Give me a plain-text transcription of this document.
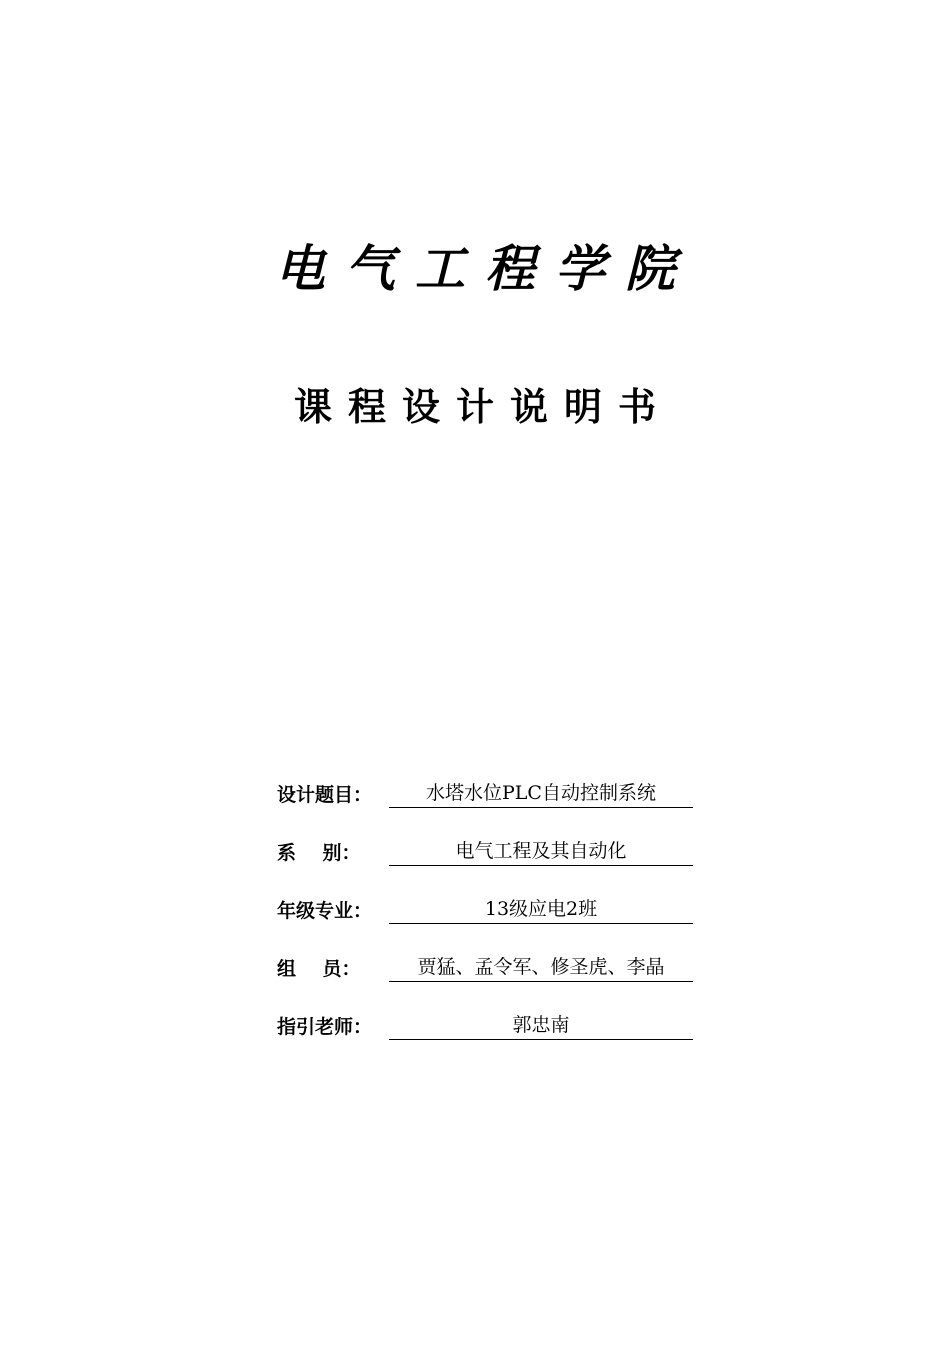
电气工程学院
课程设计说明书
设计题目：	水塔水位PLC自动控制系统
系    别：	电气工程及其自动化
年级专业：	13级应电2班
组    员：	贾猛、孟令军、修圣虎、李晶
指引老师：	郭忠南
